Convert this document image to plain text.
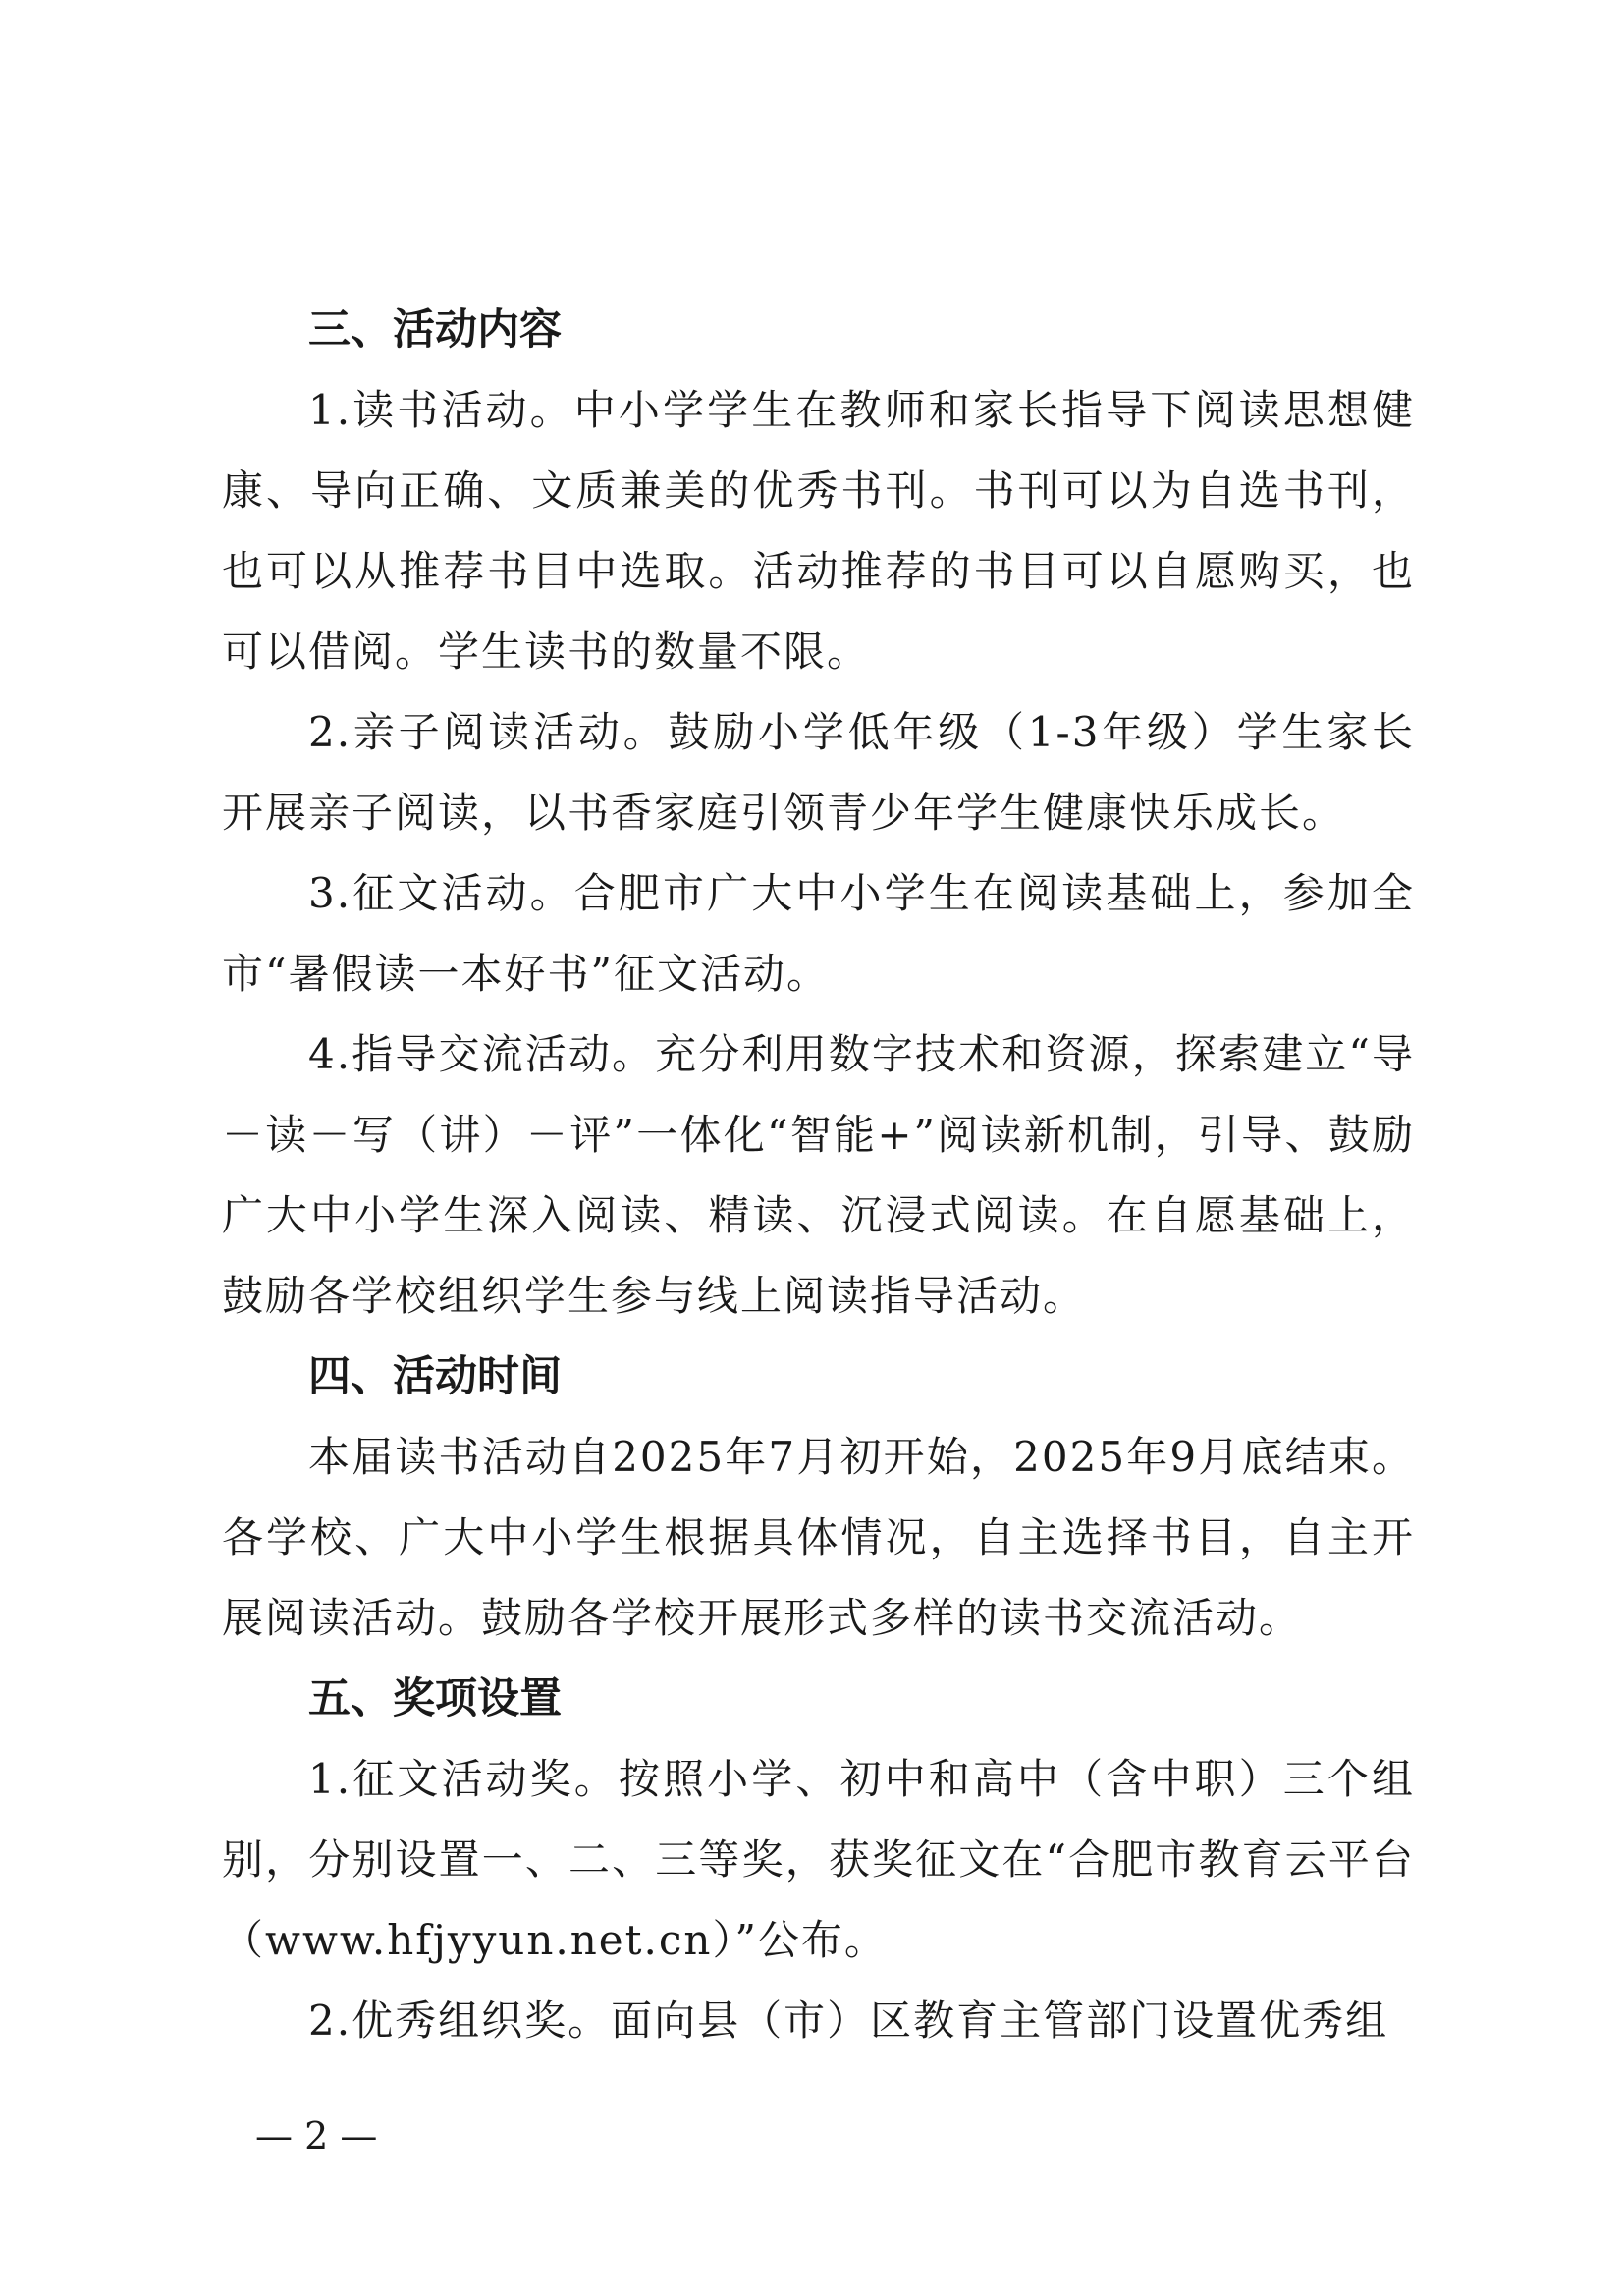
三、活动内容
1.读书活动。中小学学生在教师和家长指导下阅读思想健康、导向正确、文质兼美的优秀书刊。书刊可以为自选书刊，也可以从推荐书目中选取。活动推荐的书目可以自愿购买，也可以借阅。学生读书的数量不限。
2.亲子阅读活动。鼓励小学低年级（1-3年级）学生家长开展亲子阅读，以书香家庭引领青少年学生健康快乐成长。
3.征文活动。合肥市广大中小学生在阅读基础上，参加全市“暑假读一本好书”征文活动。
4.指导交流活动。充分利用数字技术和资源，探索建立“导－读－写（讲）－评”一体化“智能+”阅读新机制，引导、鼓励广大中小学生深入阅读、精读、沉浸式阅读。在自愿基础上，鼓励各学校组织学生参与线上阅读指导活动。
四、活动时间
本届读书活动自2025年7月初开始，2025年9月底结束。各学校、广大中小学生根据具体情况，自主选择书目，自主开展阅读活动。鼓励各学校开展形式多样的读书交流活动。
五、奖项设置
1.征文活动奖。按照小学、初中和高中（含中职）三个组别，分别设置一、二、三等奖，获奖征文在“合肥市教育云平台（www.hfjyyun.net.cn）”公布。
2.优秀组织奖。面向县（市）区教育主管部门设置优秀组
— 2 —
